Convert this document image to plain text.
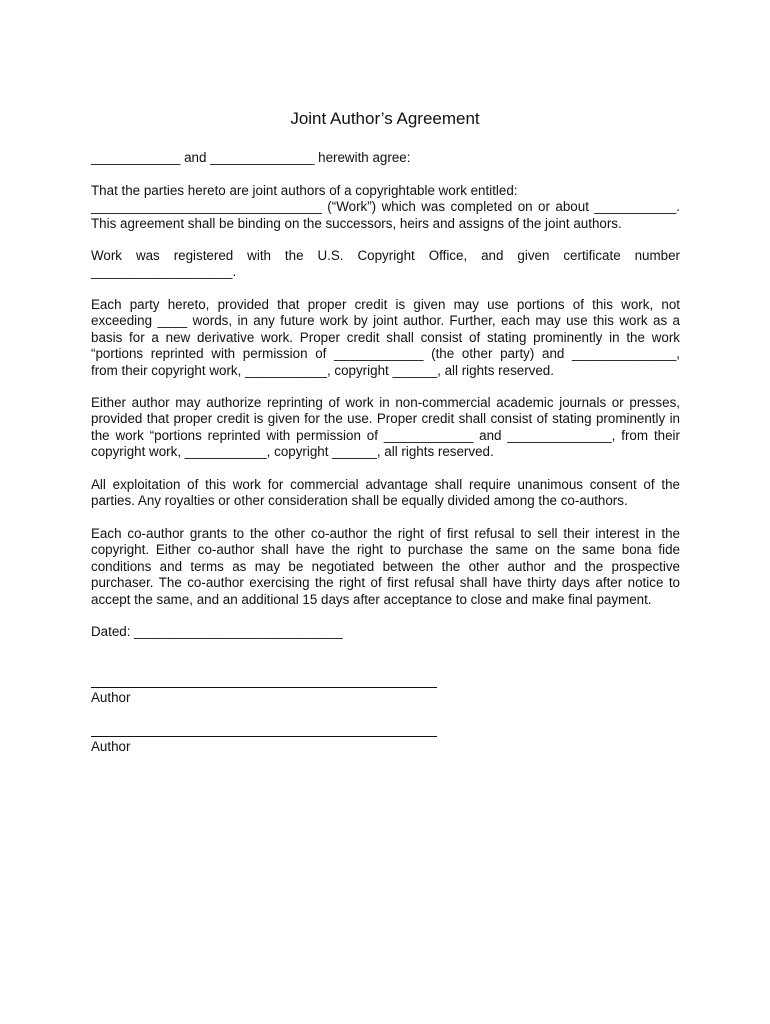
Joint Author’s Agreement
____________ and ______________ herewith agree:
That the parties hereto are joint authors of a copyrightable work entitled:
_______________________________ (“Work”) which was completed on or about ___________.
This agreement shall be binding on the successors, heirs and assigns of the joint authors.
Work was registered with the U.S. Copyright Office, and given certificate number
___________________.
Each party hereto, provided that proper credit is given may use portions of this work, not
exceeding ____ words, in any future work by joint author. Further, each may use this work as a
basis for a new derivative work. Proper credit shall consist of stating prominently in the work
“portions reprinted with permission of ____________ (the other party) and ______________,
from their copyright work, ___________, copyright ______, all rights reserved.
Either author may authorize reprinting of work in non-commercial academic journals or presses,
provided that proper credit is given for the use. Proper credit shall consist of stating prominently in
the work “portions reprinted with permission of ____________ and ______________, from their
copyright work, ___________, copyright ______, all rights reserved.
All exploitation of this work for commercial advantage shall require unanimous consent of the
parties. Any royalties or other consideration shall be equally divided among the co-authors.
Each co-author grants to the other co-author the right of first refusal to sell their interest in the
copyright. Either co-author shall have the right to purchase the same on the same bona fide
conditions and terms as may be negotiated between the other author and the prospective
purchaser. The co-author exercising the right of first refusal shall have thirty days after notice to
accept the same, and an additional 15 days after acceptance to close and make final payment.
Dated: ____________________________
Author
Author
